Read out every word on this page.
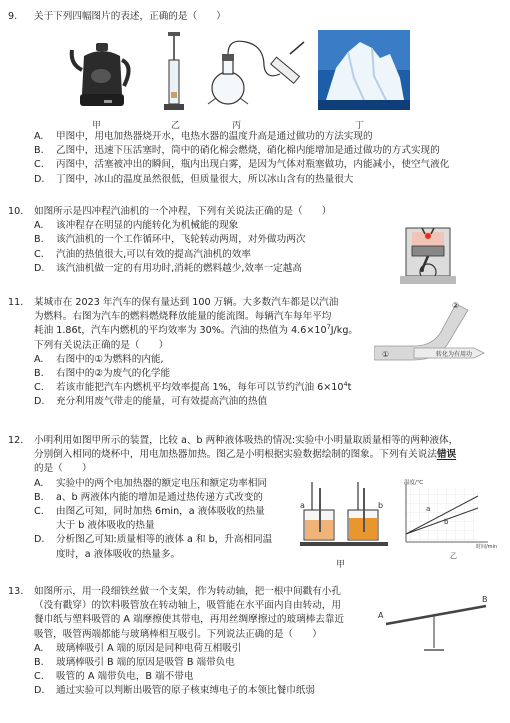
9. 关于下列四幅图片的表述，正确的是（　　）
甲	乙	丙	丁
A. 甲图中，用电加热器烧开水，电热水器的温度升高是通过做功的方法实现的
B. 乙图中，迅速下压活塞时，筒中的硝化棉会燃烧，硝化棉内能增加是通过做功的方式实现的
C. 丙图中，活塞被冲出的瞬间，瓶内出现白雾，是因为气体对瓶塞做功，内能减小，使空气液化
D. 丁图中，冰山的温度虽然很低，但质量很大，所以冰山含有的热量很大
10. 如图所示是四冲程汽油机的一个冲程，下列有关说法正确的是（　　）
A. 该冲程存在明显的内能转化为机械能的现象
B. 该汽油机的一个工作循环中，飞轮转动两周，对外做功两次
C. 汽油的热值很大,可以有效的提高汽油机的效率
D. 该汽油机做一定的有用功时,消耗的燃料越少,效率一定越高
11. 某城市在 2023 年汽车的保有量达到 100 万辆。大多数汽车都是以汽油
为燃料。右图为汽车的燃料燃烧释放能量的能流图。每辆汽车每年平均
耗油 1.86t，汽车内燃机的平均效率为 30%。汽油的热值为 $4.6\times 10^7J/kg$。
下列有关说法正确的是（　　）
A. 右图中的①为燃料的内能,
B. 右图中的②为废气的化学能
C. 若该市能把汽车内燃机平均效率提高 1%，每年可以节约汽油 $6\times 10^4t$
D. 充分利用废气带走的能量，可有效提高汽油的热值
①
②
转化为有用功
12. 小明利用如图甲所示的装置，比较 a、b 两种液体吸热的情况:实验中小明量取质量相等的两种液体，
分别倒入相同的烧杯中，用电加热器加热。图乙是小明根据实验数据绘制的图象。下列有关说法错误
的是（　　）
A. 实验中的两个电加热器的额定电压和额定功率相同
B. a、b 两液体内能的增加是通过热传递方式改变的
C. 由图乙可知，同时加热 6min，a 液体吸收的热量
大于 b 液体吸收的热量
D. 分析图乙可知:质量相等的液体 a 和 b，升高相同温
度时，a 液体吸收的热量多。
a	b
甲
温度/℃
a
b
时间/min
乙
13. 如图所示，用一段细铁丝做一个支架，作为转动轴，把一根中间戳有小孔
（没有戳穿）的饮料吸管放在转动轴上，吸管能在水平面内自由转动，用
餐巾纸与塑料吸管的 A 端摩擦使其带电，再用丝绸摩擦过的玻璃棒去靠近
吸管，吸管两端都能与玻璃棒相互吸引。下列说法正确的是（　　）
A. 玻璃棒吸引 A 端的原因是同种电荷互相吸引
B. 玻璃棒吸引 B 端的原因是吸管 B 端带负电
C. 吸管的 A 端带负电，B 端不带电
D. 通过实验可以判断出吸管的原子核束缚电子的本领比餐巾纸弱
A
B
